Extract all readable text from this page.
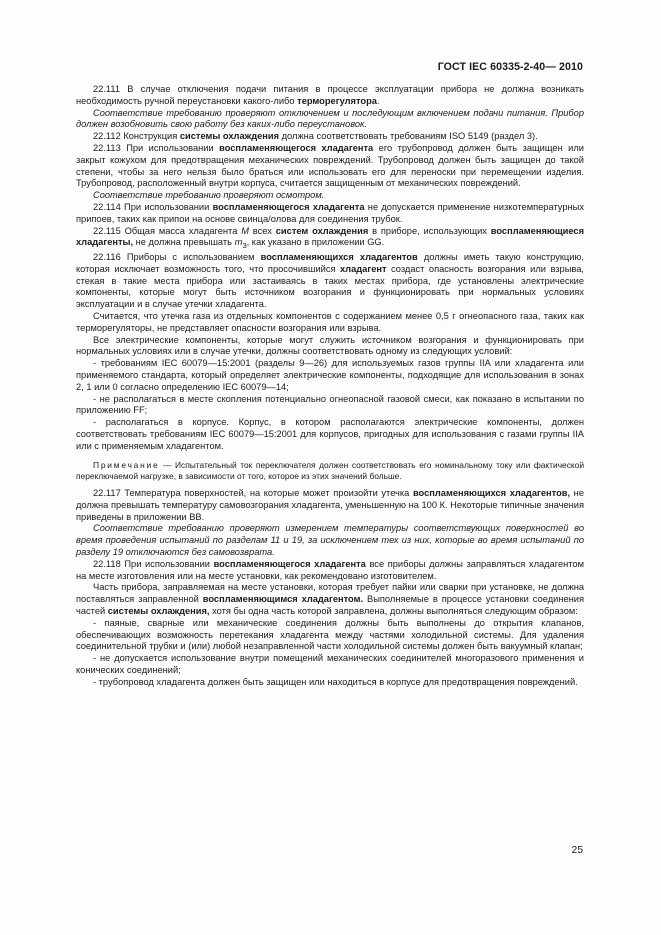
ГОСТ IEC 60335-2-40— 2010

22.111 В случае отключения подачи питания в процессе эксплуатации прибора не должна возникать необходимость ручной переустановки какого-либо терморегулятора.

Соответствие требованию проверяют отключением и последующим включением подачи питания. Прибор должен возобновить свою работу без каких-либо переустановок.

22.112 Конструкция системы охлаждения должна соответствовать требованиям ISO 5149 (раздел 3).

22.113 При использовании воспламеняющегося хладагента его трубопровод должен быть защищен или закрыт кожухом для предотвращения механических повреждений. Трубопровод должен быть защищен до такой степени, чтобы за него нельзя было браться или использовать его для переноски при перемещении изделия. Трубопровод, расположенный внутри корпуса, считается защищенным от механических повреждений.

Соответствие требованию проверяют осмотром.

22.114 При использовании воспламеняющегося хладагента не допускается применение низкотемпературных припоев, таких как припои на основе свинца/олова для соединения трубок.

22.115 Общая масса хладагента M всех систем охлаждения в приборе, использующих воспламеняющиеся хладагенты, не должна превышать $m_3$, как указано в приложении GG.

22.116 Приборы с использованием воспламеняющихся хладагентов должны иметь такую конструкцию, которая исключает возможность того, что просочившийся хладагент создаст опасность возгорания или взрыва, стекая в такие места прибора или застаиваясь в таких местах прибора, где установлены электрические компоненты, которые могут быть источником возгорания и функционировать при нормальных условиях эксплуатации и в случае утечки хладагента.

Считается, что утечка газа из отдельных компонентов с содержанием менее 0,5 г огнеопасного газа, таких как терморегуляторы, не представляет опасности возгорания или взрыва.

Все электрические компоненты, которые могут служить источником возгорания и функционировать при нормальных условиях или в случае утечки, должны соответствовать одному из следующих условий:

- требованиям IEC 60079—15:2001 (разделы 9—26) для используемых газов группы IIA или хладагента или применяемого стандарта, который определяет электрические компоненты, подходящие для использования в зонах 2, 1 или 0 согласно определению IEC 60079—14;

- не располагаться в месте скопления потенциально огнеопасной газовой смеси, как показано в испытании по приложению FF;

- располагаться в корпусе. Корпус, в котором располагаются электрические компоненты, должен соответствовать требованиям IEC 60079—15:2001 для корпусов, пригодных для использования с газами группы IIA или с применяемым хладагентом.

Примечание — Испытательный ток переключателя должен соответствовать его номинальному току или фактической переключаемой нагрузке, в зависимости от того, которое из этих значений больше.

22.117 Температура поверхностей, на которые может произойти утечка воспламеняющихся хладагентов, не должна превышать температуру самовозгорания хладагента, уменьшенную на 100 К. Некоторые типичные значения приведены в приложении ВВ.

Соответствие требованию проверяют измерением температуры соответствующих поверхностей во время проведения испытаний по разделам 11 и 19, за исключением тех из них, которые во время испытаний по разделу 19 отключаются без самовозврата.

22.118 При использовании воспламеняющегося хладагента все приборы должны заправляться хладагентом на месте изготовления или на месте установки, как рекомендовано изготовителем.

Часть прибора, заправляемая на месте установки, которая требует пайки или сварки при установке, не должна поставляться заправленной воспламеняющимся хладагентом. Выполняемые в процессе установки соединения частей системы охлаждения, хотя бы одна часть которой заправлена, должны выполняться следующим образом:

- паяные, сварные или механические соединения должны быть выполнены до открытия клапанов, обеспечивающих возможность перетекания хладагента между частями холодильной системы. Для удаления соединительной трубки и (или) любой незаправленной части холодильной системы должен быть вакуумный клапан;

- не допускается использование внутри помещений механических соединителей многоразового применения и конических соединений;

- трубопровод хладагента должен быть защищен или находиться в корпусе для предотвращения повреждений.

25
